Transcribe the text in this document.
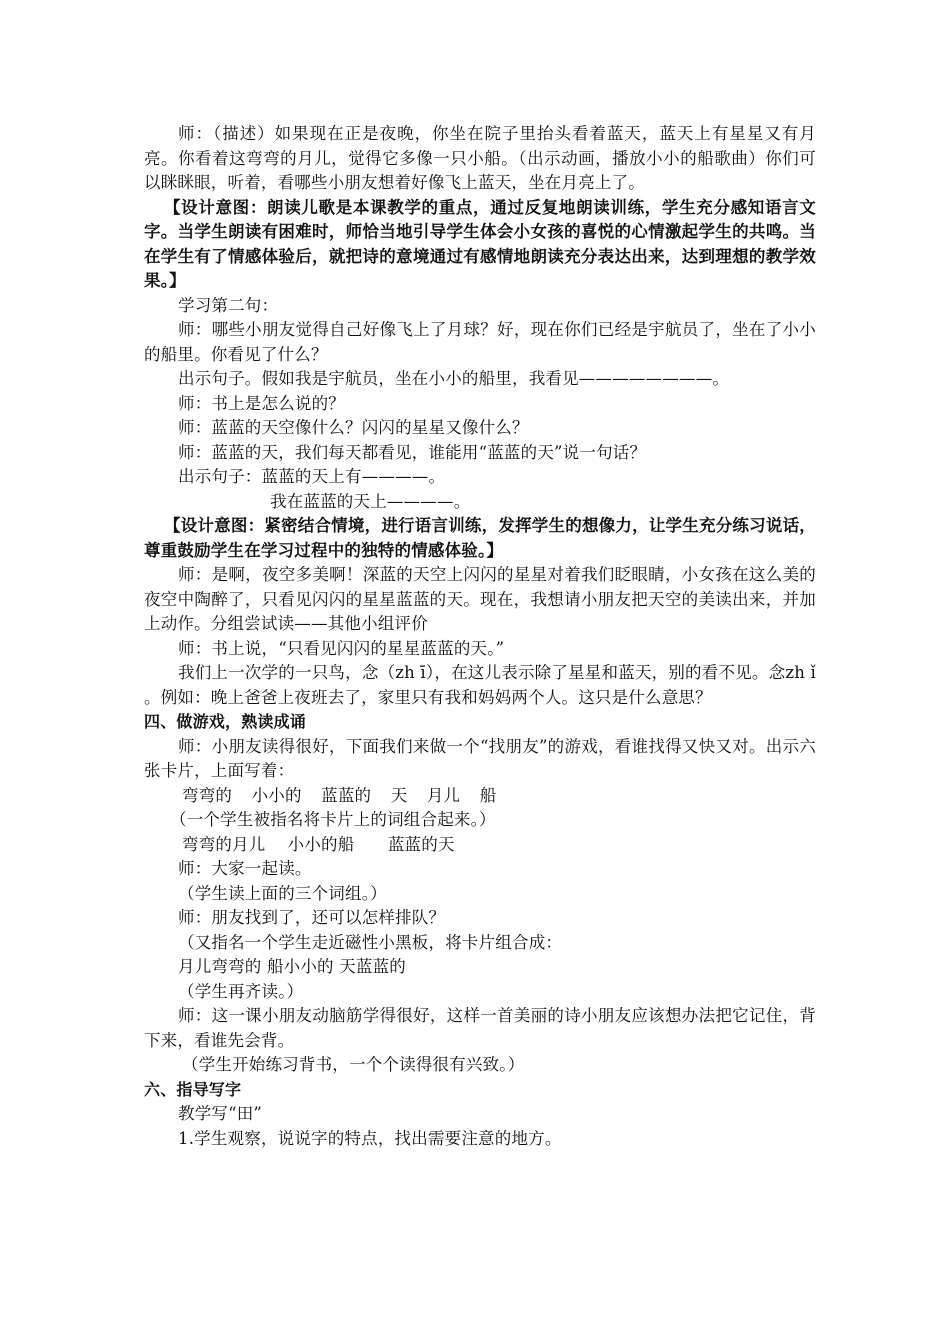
师：（描述）如果现在正是夜晚，你坐在院子里抬头看着蓝天，蓝天上有星星又有月亮。你看着这弯弯的月儿，觉得它多像一只小船。（出示动画，播放小小的船歌曲）你们可以眯眯眼，听着，看哪些小朋友想着好像飞上蓝天，坐在月亮上了。

【设计意图：朗读儿歌是本课教学的重点，通过反复地朗读训练，学生充分感知语言文字。当学生朗读有困难时，师恰当地引导学生体会小女孩的喜悦的心情激起学生的共鸣。当在学生有了情感体验后，就把诗的意境通过有感情地朗读充分表达出来，达到理想的教学效果。】

学习第二句：

师：哪些小朋友觉得自己好像飞上了月球？好，现在你们已经是宇航员了，坐在了小小的船里。你看见了什么？

出示句子。假如我是宇航员，坐在小小的船里，我看见————————。

师：书上是怎么说的？

师：蓝蓝的天空像什么？闪闪的星星又像什么？

师：蓝蓝的天，我们每天都看见，谁能用“蓝蓝的天”说一句话？

出示句子：蓝蓝的天上有————。

我在蓝蓝的天上————。

【设计意图：紧密结合情境，进行语言训练，发挥学生的想像力，让学生充分练习说话，尊重鼓励学生在学习过程中的独特的情感体验。】

师：是啊，夜空多美啊！深蓝的天空上闪闪的星星对着我们眨眼睛，小女孩在这么美的夜空中陶醉了，只看见闪闪的星星蓝蓝的天。现在，我想请小朋友把天空的美读出来，并加上动作。分组尝试读——其他小组评价

师：书上说，“只看见闪闪的星星蓝蓝的天。”

我们上一次学的一只鸟，念（zh ī），在这儿表示除了星星和蓝天，别的看不见。念zh ǐ 。例如：晚上爸爸上夜班去了，家里只有我和妈妈两个人。这只是什么意思？

四、做游戏，熟读成诵

师：小朋友读得很好，下面我们来做一个“找朋友”的游戏，看谁找得又快又对。出示六张卡片，上面写着：

弯弯的 小小的 蓝蓝的 天 月儿 船

（一个学生被指名将卡片上的词组合起来。）

弯弯的月儿　 小小的船　　蓝蓝的天

师：大家一起读。

（学生读上面的三个词组。）

师：朋友找到了，还可以怎样排队？

（又指名一个学生走近磁性小黑板，将卡片组合成：

月儿弯弯的 船小小的 天蓝蓝的

（学生再齐读。）

师：这一课小朋友动脑筋学得很好，这样一首美丽的诗小朋友应该想办法把它记住，背下来，看谁先会背。

（学生开始练习背书，一个个读得很有兴致。）

六、指导写字

教学写“田”

1.学生观察，说说字的特点，找出需要注意的地方。
